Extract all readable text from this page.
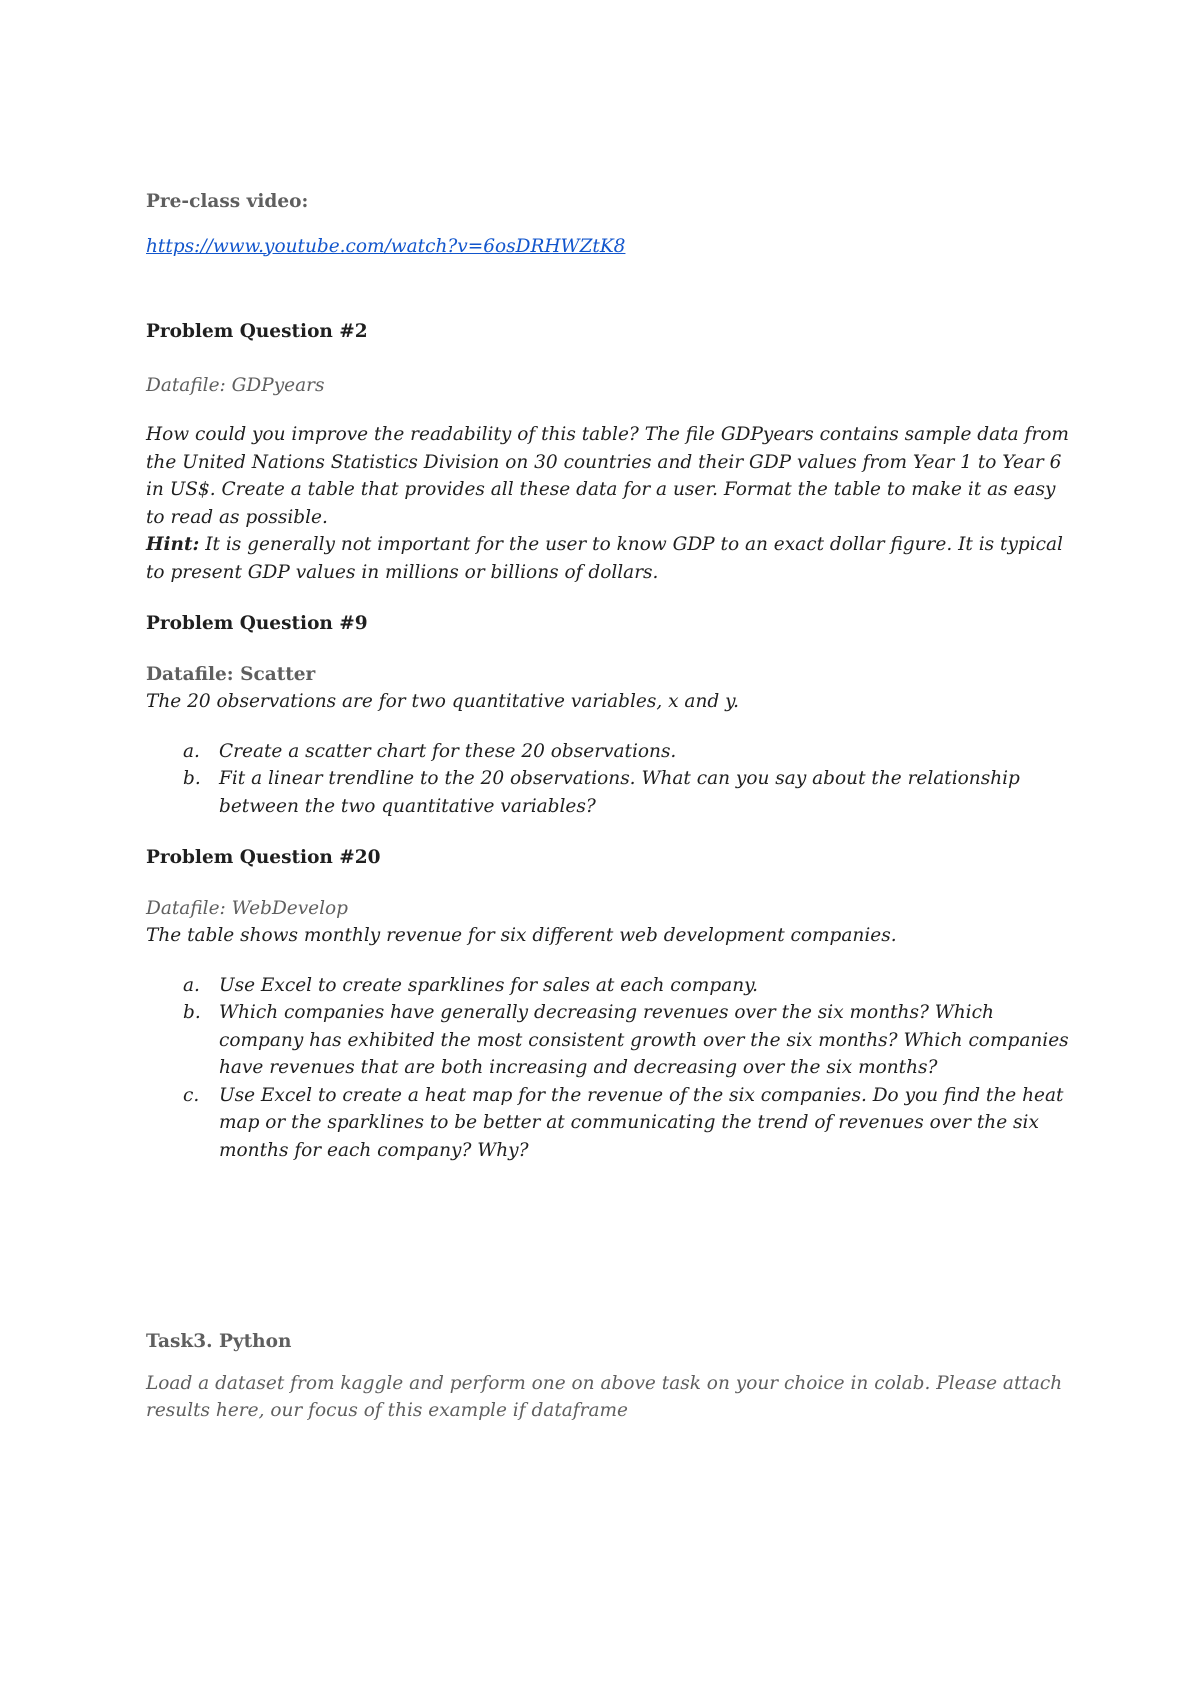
Pre-class video:

https://www.youtube.com/watch?v=6osDRHWZtK8

Problem Question #2

Datafile: GDPyears

How could you improve the readability of this table? The file GDPyears contains sample data from the United Nations Statistics Division on 30 countries and their GDP values from Year 1 to Year 6 in US$. Create a table that provides all these data for a user. Format the table to make it as easy to read as possible.

Hint: It is generally not important for the user to know GDP to an exact dollar figure. It is typical to present GDP values in millions or billions of dollars.

Problem Question #9

Datafile: Scatter

The 20 observations are for two quantitative variables, x and y.

a. Create a scatter chart for these 20 observations.
b. Fit a linear trendline to the 20 observations. What can you say about the relationship between the two quantitative variables?

Problem Question #20

Datafile: WebDevelop

The table shows monthly revenue for six different web development companies.

a. Use Excel to create sparklines for sales at each company.
b. Which companies have generally decreasing revenues over the six months? Which company has exhibited the most consistent growth over the six months? Which companies have revenues that are both increasing and decreasing over the six months?
c. Use Excel to create a heat map for the revenue of the six companies. Do you find the heat map or the sparklines to be better at communicating the trend of revenues over the six months for each company? Why?

Task3. Python

Load a dataset from kaggle and perform one on above task on your choice in colab. Please attach results here, our focus of this example if dataframe
